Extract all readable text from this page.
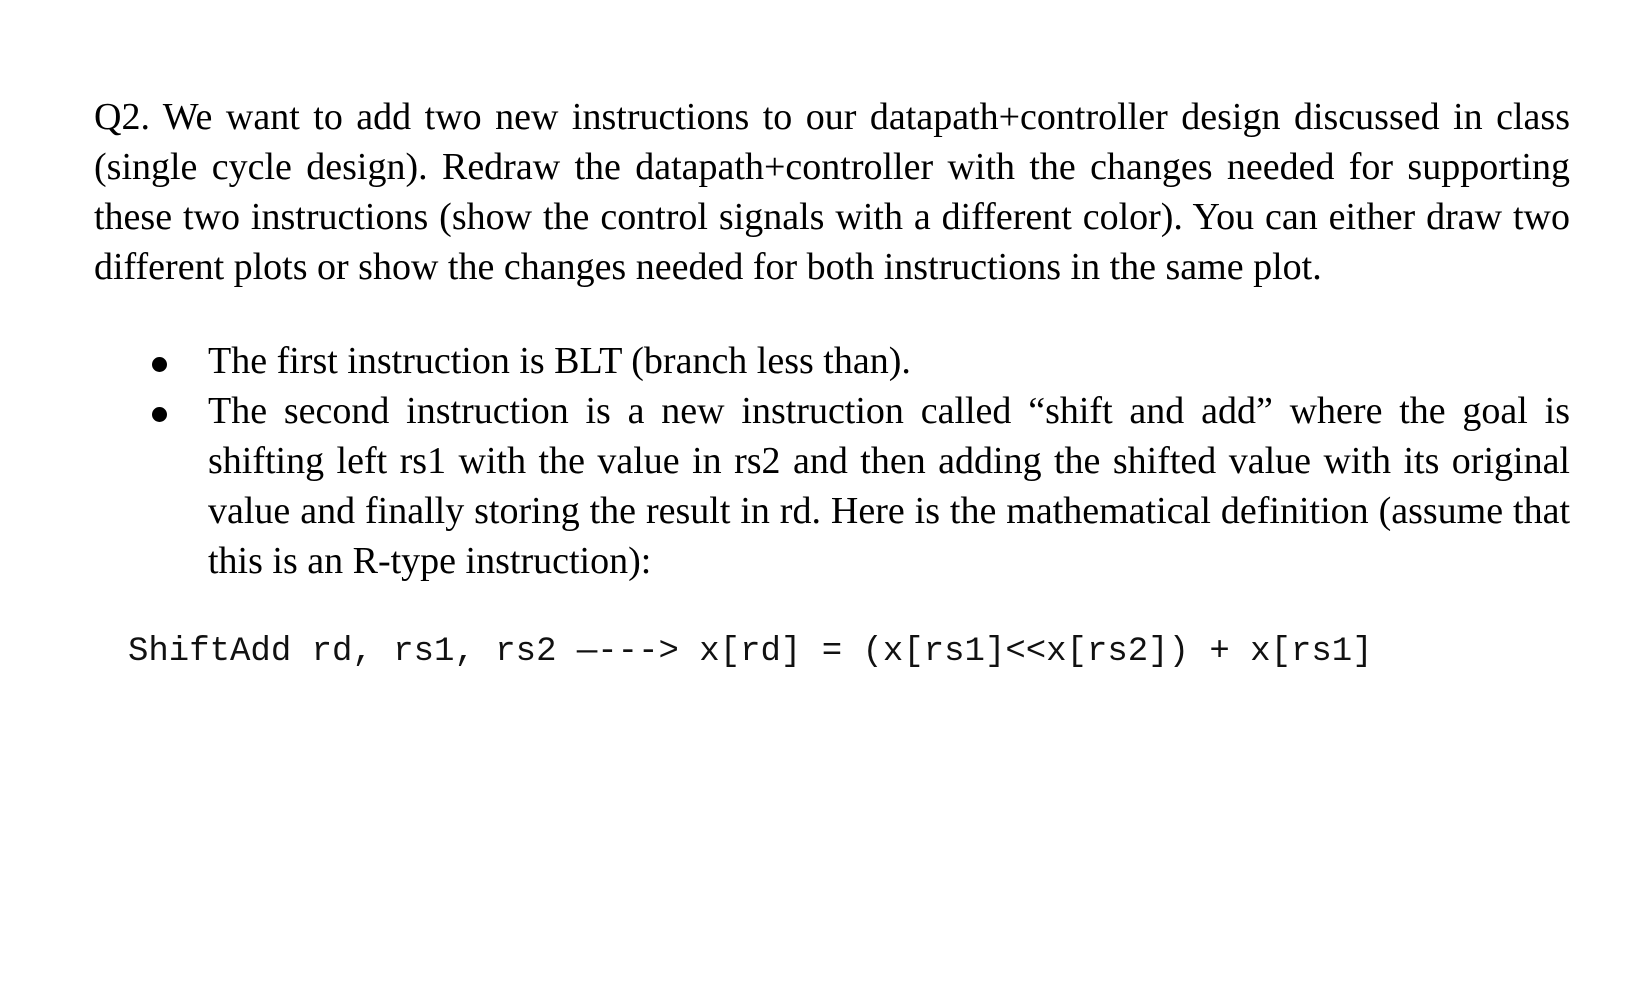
Q2. We want to add two new instructions to our datapath+controller design discussed in class (single cycle design). Redraw the datapath+controller with the changes needed for supporting these two instructions (show the control signals with a different color). You can either draw two different plots or show the changes needed for both instructions in the same plot.

The first instruction is BLT (branch less than).
The second instruction is a new instruction called “shift and add” where the goal is shifting left rs1 with the value in rs2 and then adding the shifted value with its original value and finally storing the result in rd. Here is the mathematical definition (assume that this is an R-type instruction):
ShiftAdd rd, rs1, rs2 —---> x[rd] = (x[rs1]<<x[rs2]) + x[rs1]
